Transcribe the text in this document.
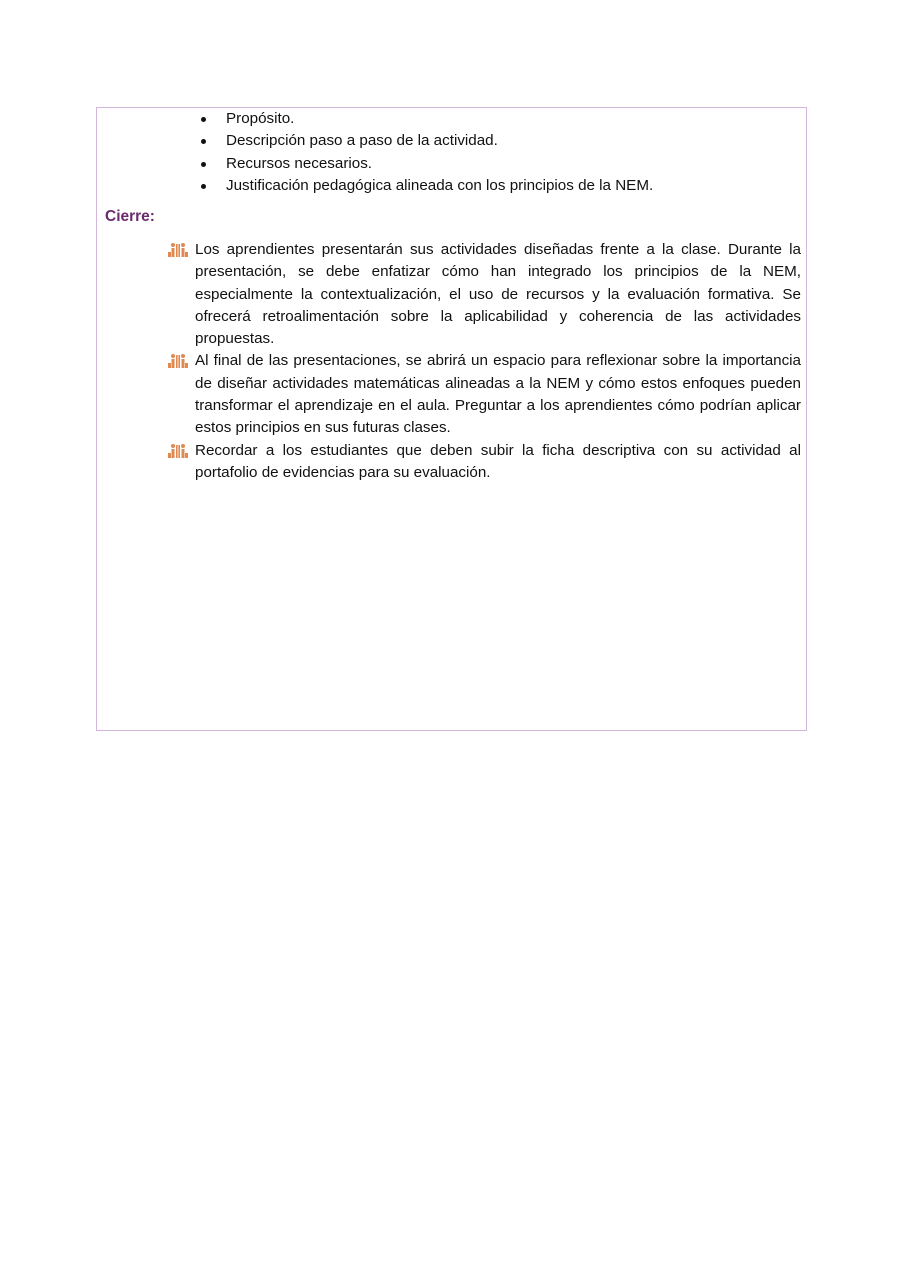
Propósito.
Descripción paso a paso de la actividad.
Recursos necesarios.
Justificación pedagógica alineada con los principios de la NEM.
Cierre:
Los aprendientes presentarán sus actividades diseñadas frente a la clase. Durante la presentación, se debe enfatizar cómo han integrado los principios de la NEM, especialmente la contextualización, el uso de recursos y la evaluación formativa. Se ofrecerá retroalimentación sobre la aplicabilidad y coherencia de las actividades propuestas.
Al final de las presentaciones, se abrirá un espacio para reflexionar sobre la importancia de diseñar actividades matemáticas alineadas a la NEM y cómo estos enfoques pueden transformar el aprendizaje en el aula. Preguntar a los aprendientes cómo podrían aplicar estos principios en sus futuras clases.
Recordar a los estudiantes que deben subir la ficha descriptiva con su actividad al portafolio de evidencias para su evaluación.
